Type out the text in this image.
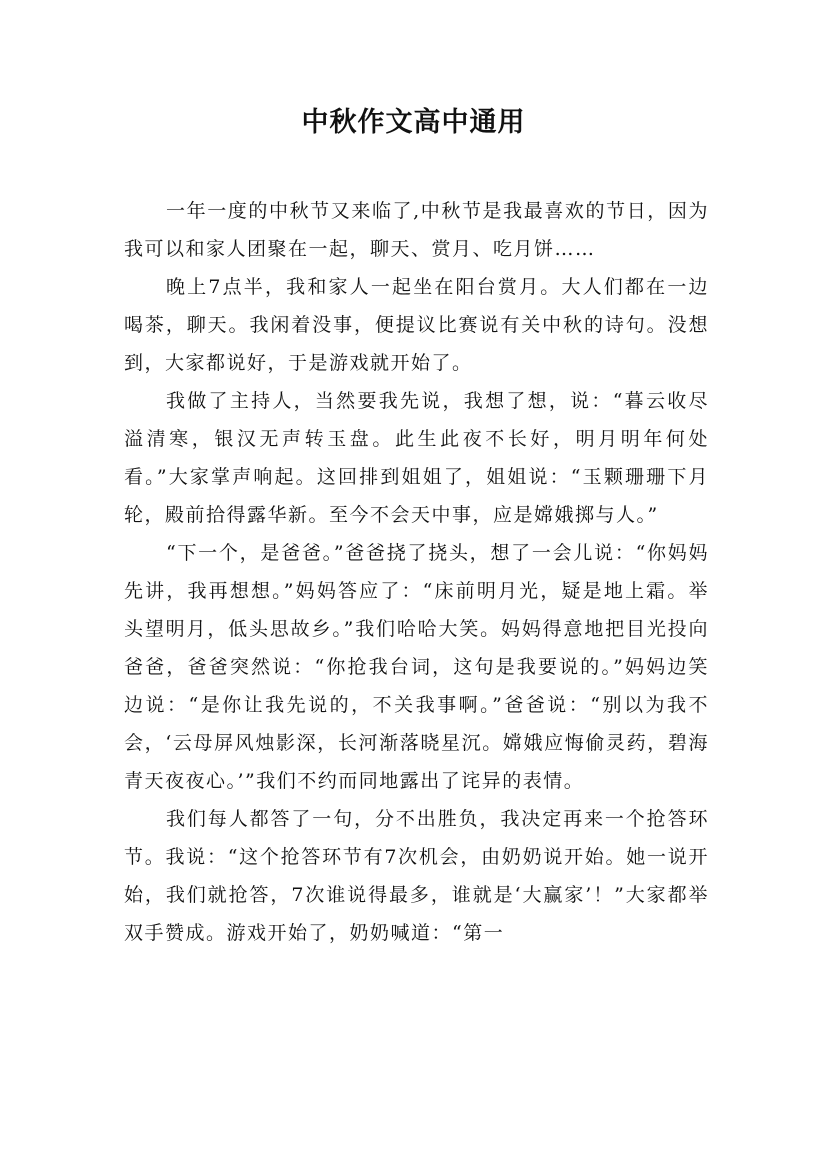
中秋作文高中通用

一年一度的中秋节又来临了,中秋节是我最喜欢的节日，因为我可以和家人团聚在一起，聊天、赏月、吃月饼……

晚上7点半，我和家人一起坐在阳台赏月。大人们都在一边喝茶，聊天。我闲着没事，便提议比赛说有关中秋的诗句。没想到，大家都说好，于是游戏就开始了。

我做了主持人，当然要我先说，我想了想，说：“暮云收尽溢清寒，银汉无声转玉盘。此生此夜不长好，明月明年何处看。”大家掌声响起。这回排到姐姐了，姐姐说：“玉颗珊珊下月轮，殿前拾得露华新。至今不会天中事，应是嫦娥掷与人。”

“下一个，是爸爸。”爸爸挠了挠头，想了一会儿说：“你妈妈先讲，我再想想。”妈妈答应了：“床前明月光，疑是地上霜。举头望明月，低头思故乡。”我们哈哈大笑。妈妈得意地把目光投向爸爸，爸爸突然说：“你抢我台词，这句是我要说的。”妈妈边笑边说：“是你让我先说的，不关我事啊。”爸爸说：“别以为我不会，‘云母屏风烛影深，长河渐落晓星沉。嫦娥应悔偷灵药，碧海青天夜夜心。’”我们不约而同地露出了诧异的表情。

我们每人都答了一句，分不出胜负，我决定再来一个抢答环节。我说：“这个抢答环节有7次机会，由奶奶说开始。她一说开始，我们就抢答，7次谁说得最多，谁就是‘大赢家’！”大家都举双手赞成。游戏开始了，奶奶喊道：“第一
